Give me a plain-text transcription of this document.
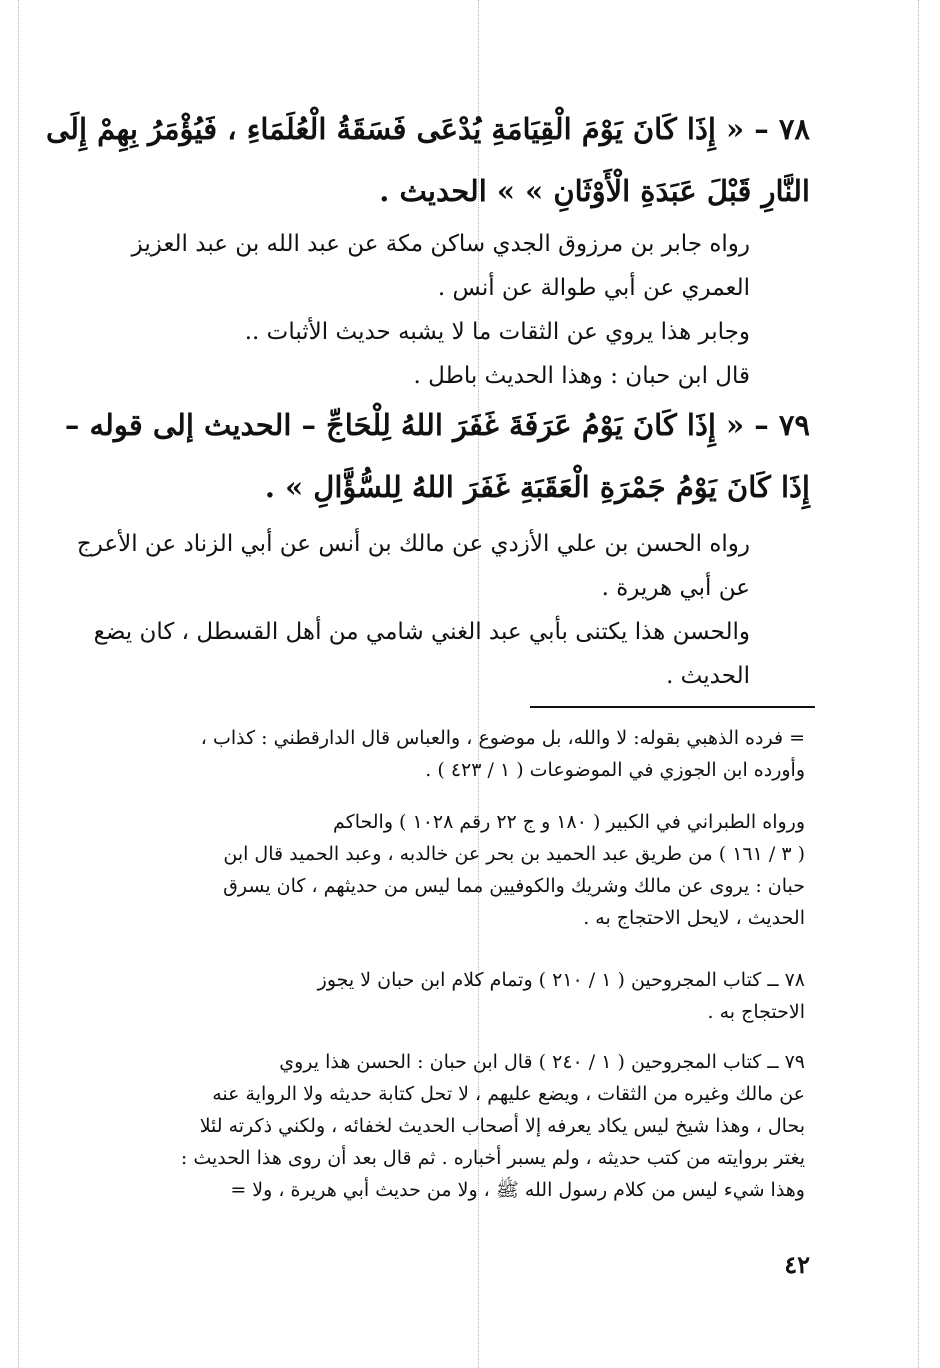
٧٨ – « إِذَا كَانَ يَوْمَ الْقِيَامَةِ يُدْعَى فَسَقَةُ الْعُلَمَاءِ ، فَيُؤْمَرُ بِهِمْ إِلَى
النَّارِ قَبْلَ عَبَدَةِ الْأَوْثَانِ » » الحديث .
رواه جابر بن مرزوق الجدي ساكن مكة عن عبد الله بن عبد العزيز
العمري عن أبي طوالة عن أنس .
وجابر هذا يروي عن الثقات ما لا يشبه حديث الأثبات ..
قال ابن حبان : وهذا الحديث باطل .
٧٩ – « إِذَا كَانَ يَوْمُ عَرَفَةَ غَفَرَ اللهُ لِلْحَاجِّ – الحديث إلى قوله –
إِذَا كَانَ يَوْمُ جَمْرَةِ الْعَقَبَةِ غَفَرَ اللهُ لِلسُّؤَّالِ » .
رواه الحسن بن علي الأزدي عن مالك بن أنس عن أبي الزناد عن الأعرج
عن أبي هريرة .
والحسن هذا يكتنى بأبي عبد الغني شامي من أهل القسطل ، كان يضع
الحديث .
= فرده الذهبي بقوله: لا والله، بل موضوع ، والعباس قال الدارقطني : كذاب ،
وأورده ابن الجوزي في الموضوعات ( ١ / ٤٢٣ ) .
ورواه الطبراني في الكبير ( ١٨٠ و ج ٢٢ رقم ١٠٢٨ ) والحاكم
( ٣ / ١٦١ ) من طريق عبد الحميد بن بحر عن خالدبه ، وعبد الحميد قال ابن
حبان : يروى عن مالك وشريك والكوفيين مما ليس من حديثهم ، كان يسرق
الحديث ، لايحل الاحتجاج به .
٧٨ ــ كتاب المجروحين ( ١ / ٢١٠ ) وتمام كلام ابن حبان لا يجوز
الاحتجاج به .
٧٩ ــ كتاب المجروحين ( ١ / ٢٤٠ ) قال ابن حبان : الحسن هذا يروي
عن مالك وغيره من الثقات ، ويضع عليهم ، لا تحل كتابة حديثه ولا الرواية عنه
بحال ، وهذا شيخ ليس يكاد يعرفه إلا أصحاب الحديث لخفائه ، ولكني ذكرته لئلا
يغتر بروايته من كتب حديثه ، ولم يسبر أخباره . ثم قال بعد أن روى هذا الحديث :
وهذا شيء ليس من كلام رسول الله ﷺ ، ولا من حديث أبي هريرة ، ولا =
٤٢
